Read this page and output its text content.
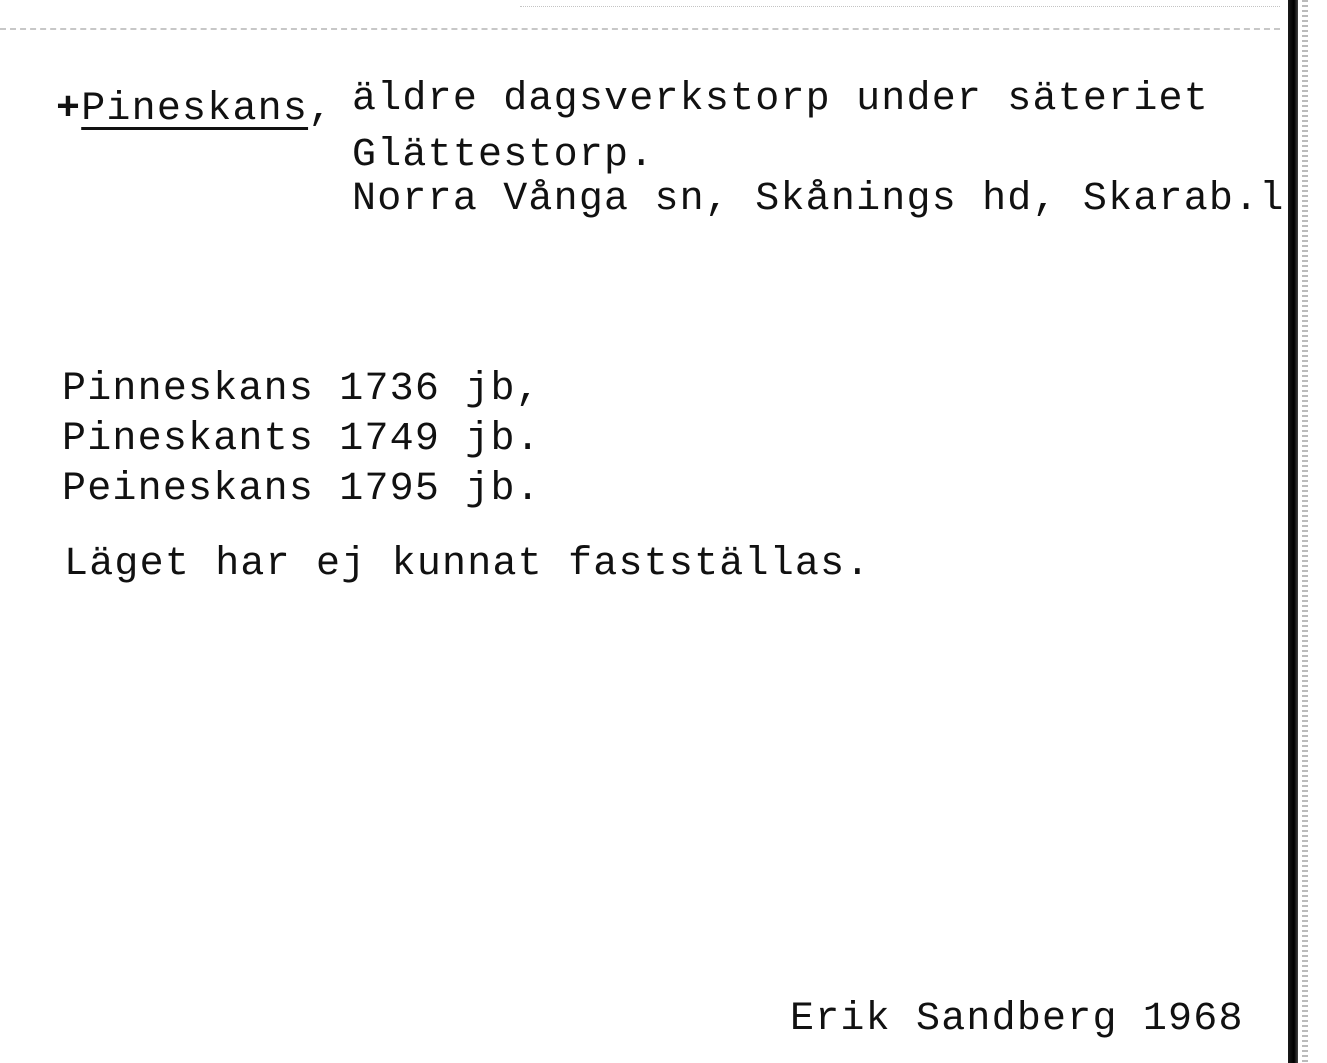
+Pineskans, äldre dagsverkstorp under säteriet
Glättestorp.
Norra Vånga sn, Skånings hd, Skarab.l
Pinneskans 1736 jb,
Pineskants 1749 jb.
Peineskans 1795 jb.
Läget har ej kunnat fastställas.
Erik Sandberg 1968
